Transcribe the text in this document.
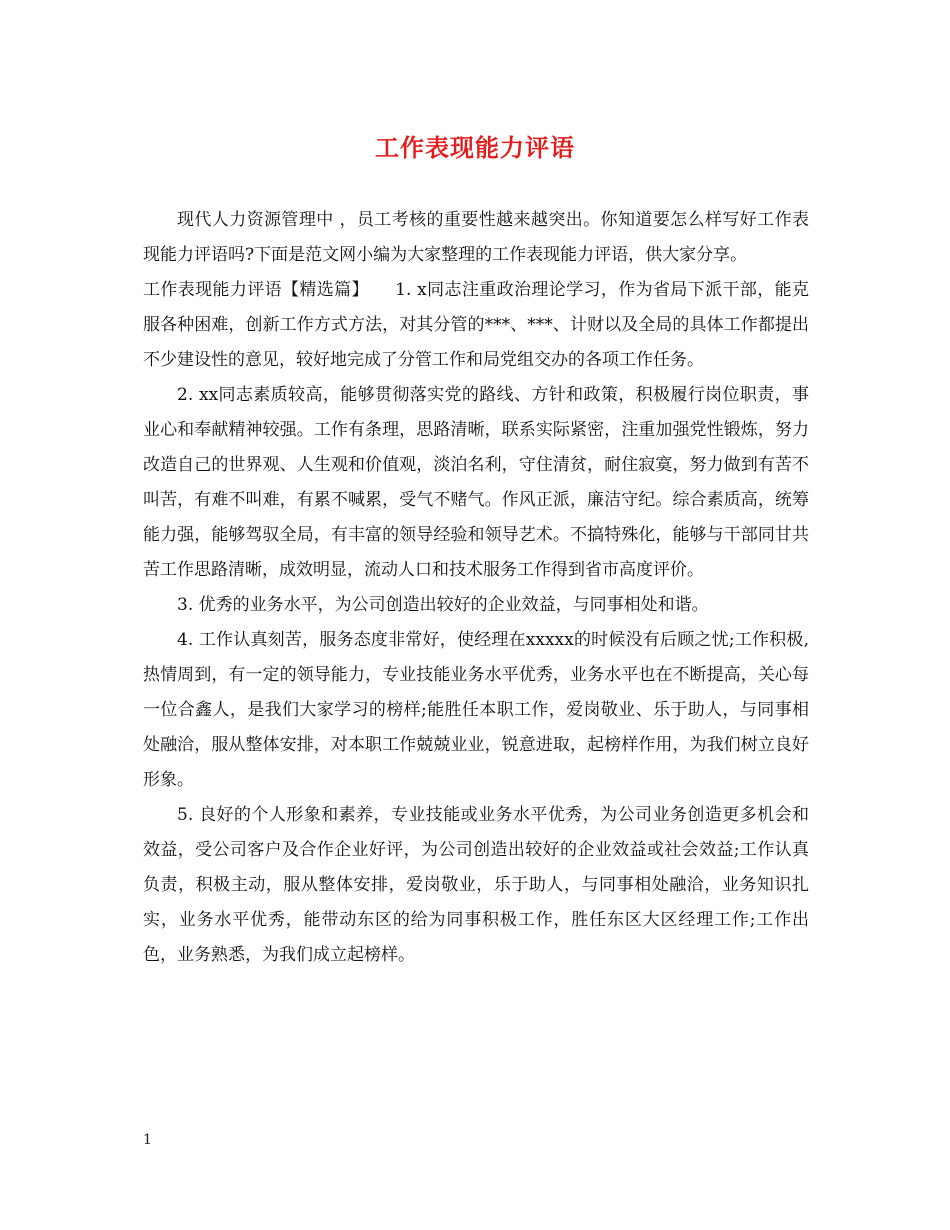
工作表现能力评语

现代人力资源管理中 ，员工考核的重要性越来越突出。你知道要怎么样写好工作表现能力评语吗?下面是范文网小编为大家整理的工作表现能力评语，供大家分享。

工作表现能力评语【精选篇】　　1. x同志注重政治理论学习，作为省局下派干部，能克服各种困难，创新工作方式方法，对其分管的***、***、计财以及全局的具体工作都提出不少建设性的意见，较好地完成了分管工作和局党组交办的各项工作任务。

2. xx同志素质较高，能够贯彻落实党的路线、方针和政策，积极履行岗位职责，事业心和奉献精神较强。工作有条理，思路清晰，联系实际紧密，注重加强党性锻炼，努力改造自己的世界观、人生观和价值观，淡泊名利，守住清贫，耐住寂寞，努力做到有苦不叫苦，有难不叫难，有累不喊累，受气不赌气。作风正派，廉洁守纪。综合素质高，统筹能力强，能够驾驭全局，有丰富的领导经验和领导艺术。不搞特殊化，能够与干部同甘共苦工作思路清晰，成效明显，流动人口和技术服务工作得到省市高度评价。

3. 优秀的业务水平，为公司创造出较好的企业效益，与同事相处和谐。

4. 工作认真刻苦，服务态度非常好，使经理在xxxxx的时候没有后顾之忧;工作积极,热情周到，有一定的领导能力，专业技能业务水平优秀，业务水平也在不断提高，关心每一位合鑫人，是我们大家学习的榜样;能胜任本职工作，爱岗敬业、乐于助人，与同事相处融洽，服从整体安排，对本职工作兢兢业业，锐意进取，起榜样作用，为我们树立良好形象。

5. 良好的个人形象和素养，专业技能或业务水平优秀，为公司业务创造更多机会和效益，受公司客户及合作企业好评，为公司创造出较好的企业效益或社会效益;工作认真负责，积极主动，服从整体安排，爱岗敬业，乐于助人，与同事相处融洽，业务知识扎实，业务水平优秀，能带动东区的给为同事积极工作，胜任东区大区经理工作;工作出色，业务熟悉，为我们成立起榜样。

1
